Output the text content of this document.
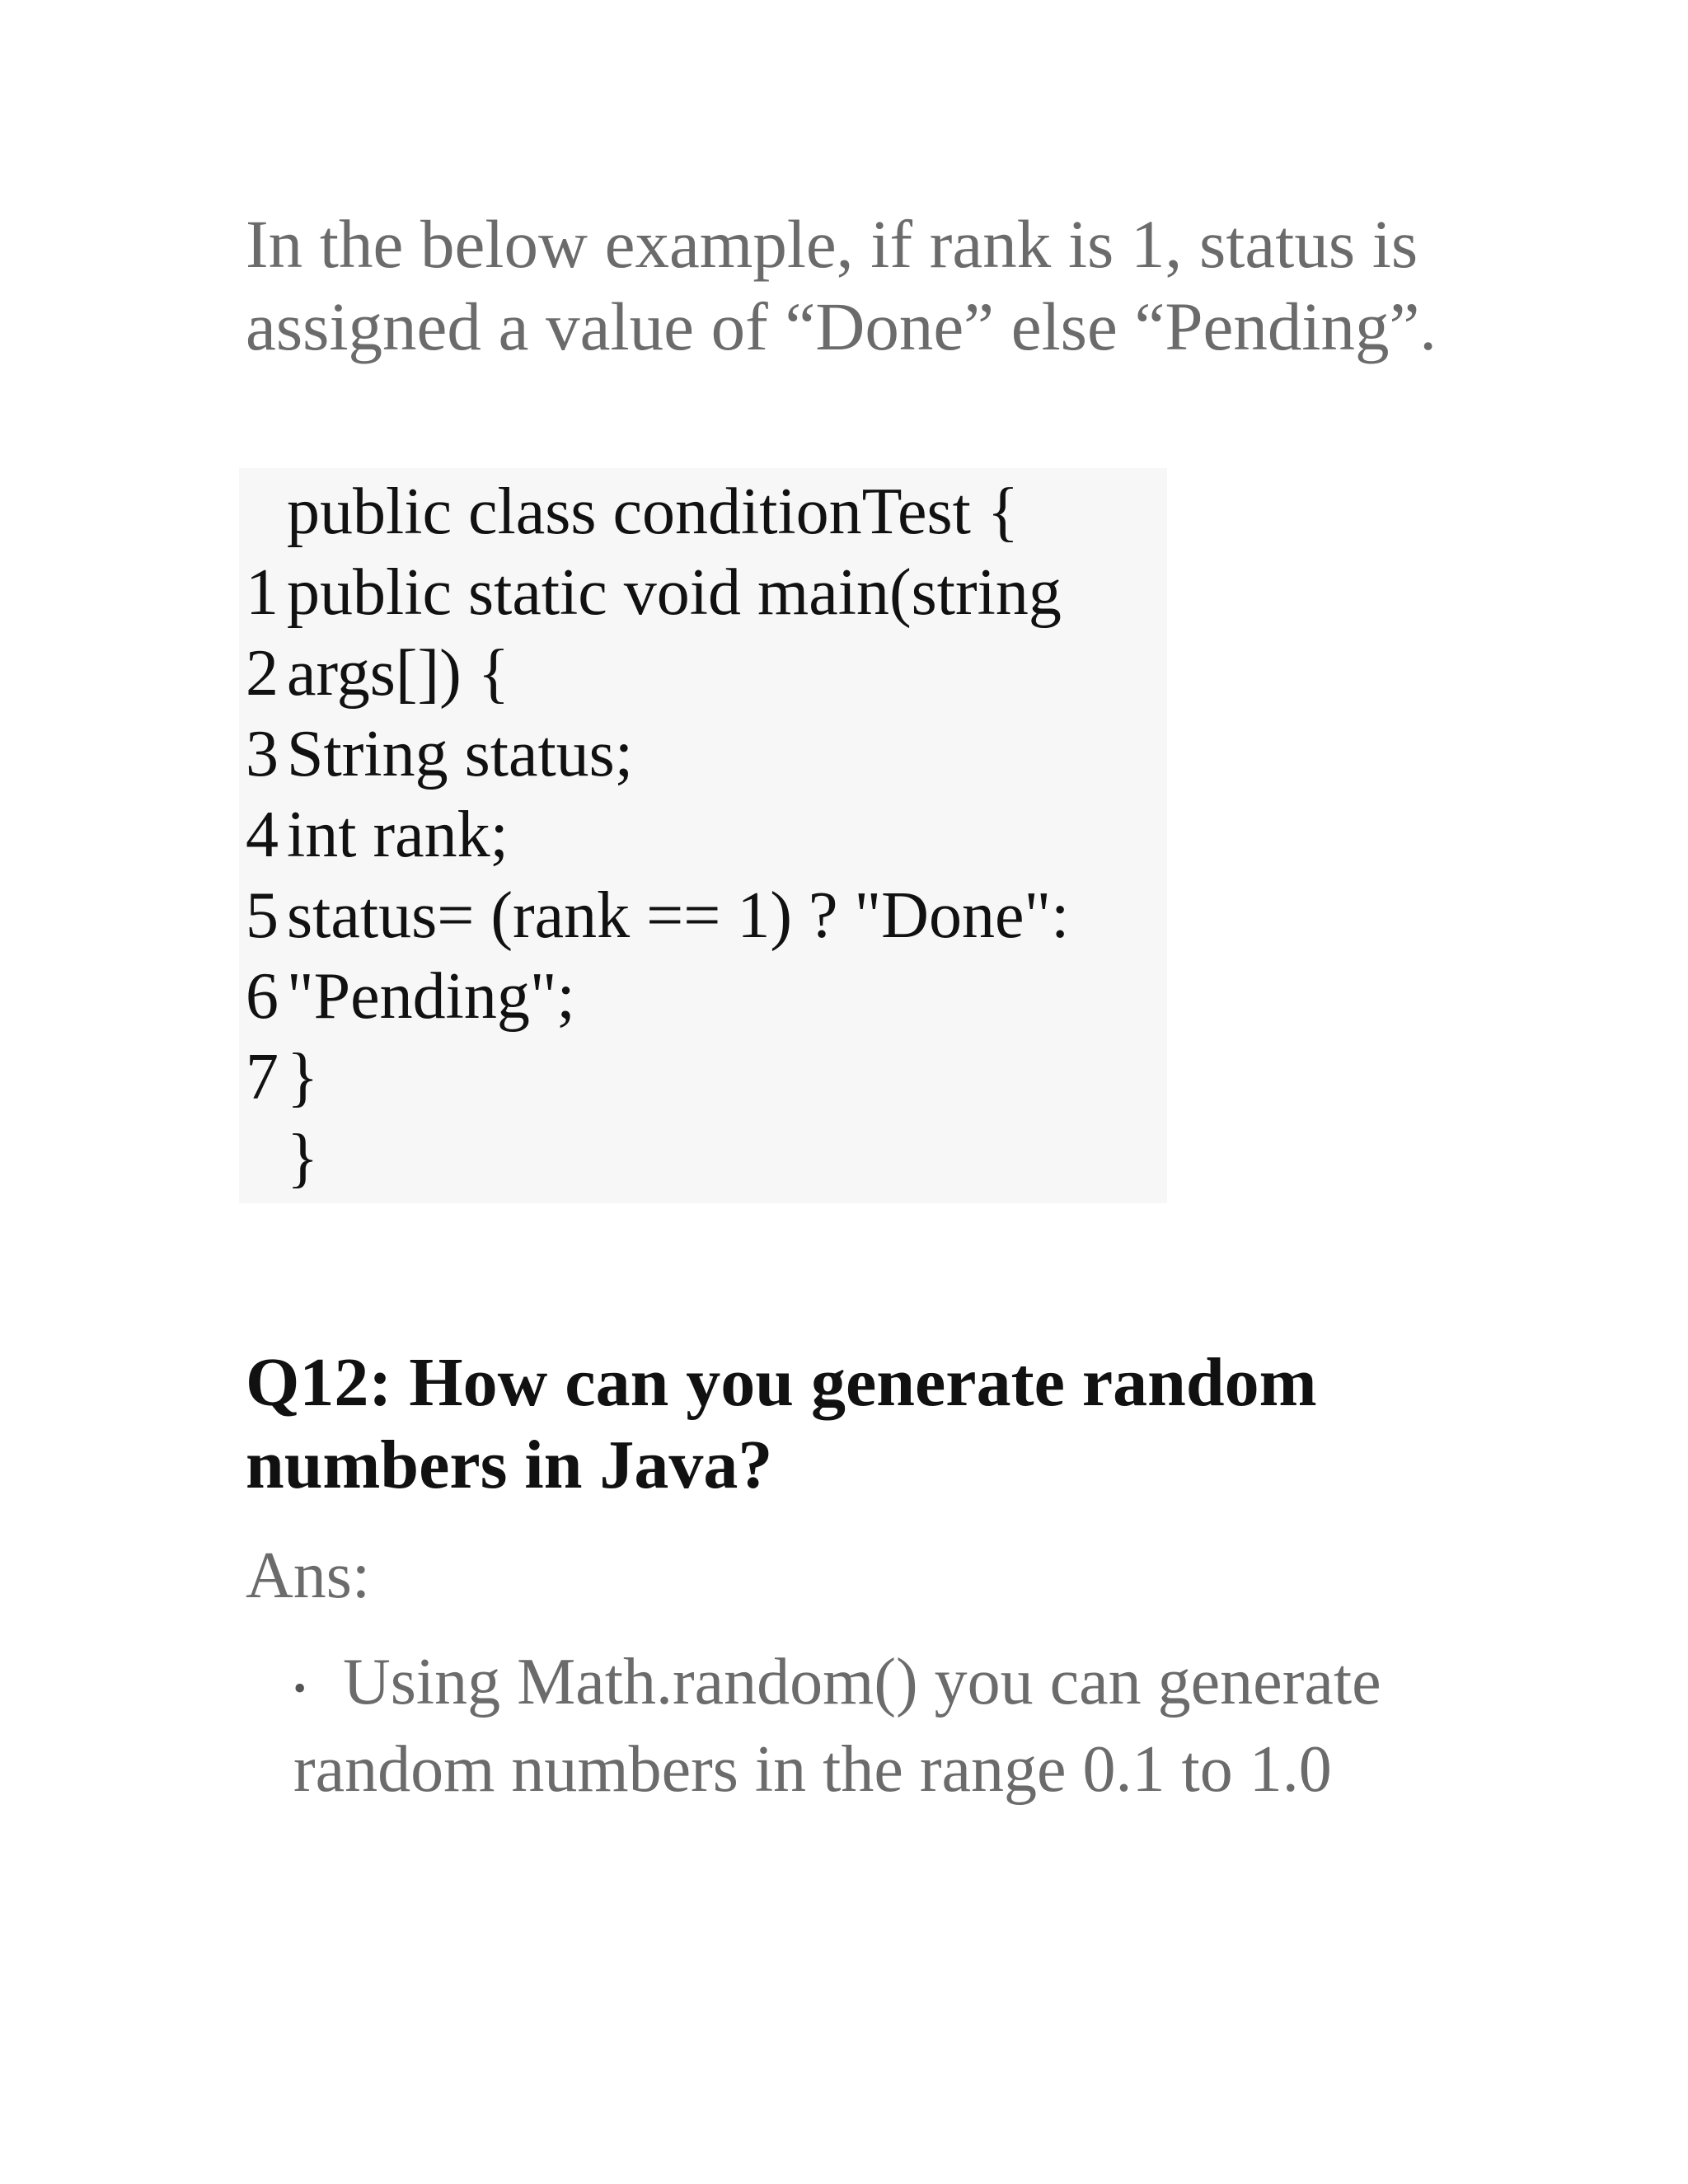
In the below example, if rank is 1, status is assigned a value of “Done” else “Pending”.

public class conditionTest {
1 public static void main(string
2 args[]) {
3 String status;
4 int rank;
5 status= (rank == 1) ? "Done":
6 "Pending";
7 }
}
Q12: How can you generate random numbers in Java?

Ans:

• Using Math.random() you can generate random numbers in the range 0.1 to 1.0
